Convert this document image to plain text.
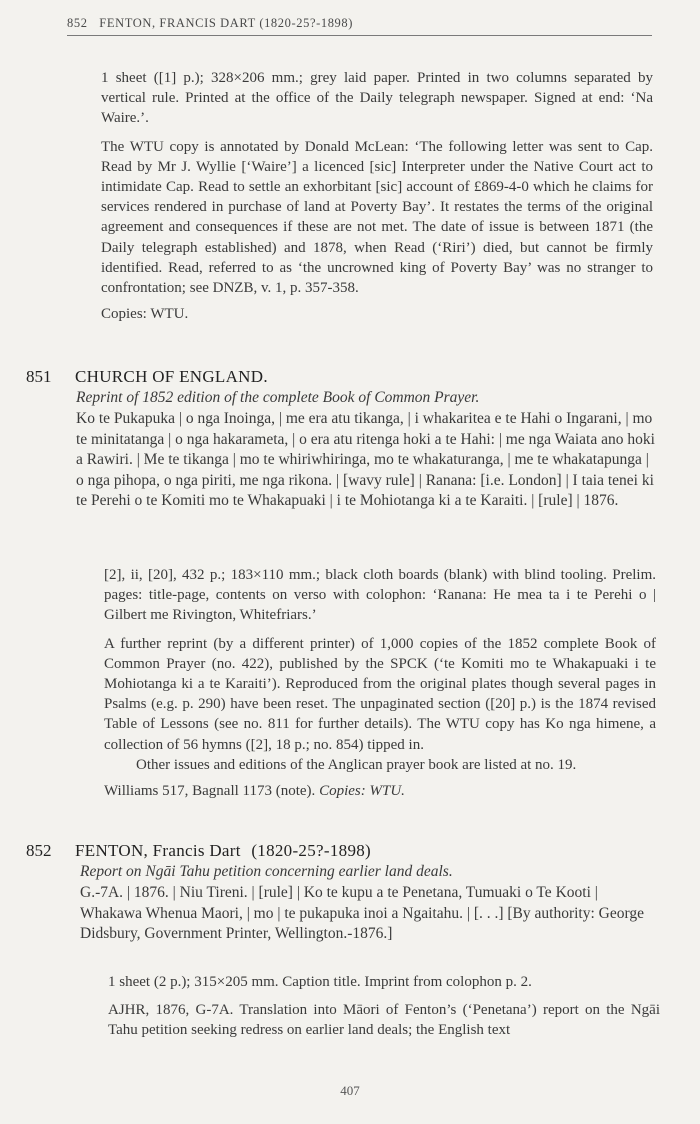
852 FENTON, FRANCIS DART (1820-25?-1898)

1 sheet ([1] p.); 328×206 mm.; grey laid paper. Printed in two columns separated by vertical rule. Printed at the office of the Daily telegraph newspaper. Signed at end: ‘Na Waire.’.

The WTU copy is annotated by Donald McLean: ‘The following letter was sent to Cap. Read by Mr J. Wyllie [‘Waire’] a licenced [sic] Interpreter under the Native Court act to intimidate Cap. Read to settle an exhorbitant [sic] account of £869-4-0 which he claims for services rendered in purchase of land at Poverty Bay’. It restates the terms of the original agreement and consequences if these are not met. The date of issue is between 1871 (the Daily telegraph established) and 1878, when Read (‘Riri’) died, but cannot be firmly identified. Read, referred to as ‘the uncrowned king of Poverty Bay’ was no stranger to confrontation; see DNZB, v. 1, p. 357-358.

Copies: WTU.

851 CHURCH OF ENGLAND.
Reprint of 1852 edition of the complete Book of Common Prayer.
Ko te Pukapuka | o nga Inoinga, | me era atu tikanga, | i whakaritea e te Hahi o Ingarani, | mo te minitatanga | o nga hakarameta, | o era atu ritenga hoki a te Hahi: | me nga Waiata ano hoki a Rawiri. | Me te tikanga | mo te whiriwhiringa, mo te whakaturanga, | me te whakatapunga | o nga pihopa, o nga piriti, me nga rikona. | [wavy rule] | Ranana: [i.e. London] | I taia tenei ki te Perehi o te Komiti mo te Whakapuaki | i te Mohiotanga ki a te Karaiti. | [rule] | 1876.

[2], ii, [20], 432 p.; 183×110 mm.; black cloth boards (blank) with blind tooling. Prelim. pages: title-page, contents on verso with colophon: ‘Ranana: He mea ta i te Perehi o | Gilbert me Rivington, Whitefriars.’

A further reprint (by a different printer) of 1,000 copies of the 1852 complete Book of Common Prayer (no. 422), published by the SPCK (‘te Komiti mo te Whakapuaki i te Mohiotanga ki a te Karaiti’). Reproduced from the original plates though several pages in Psalms (e.g. p. 290) have been reset. The unpaginated section ([20] p.) is the 1874 revised Table of Lessons (see no. 811 for further details). The WTU copy has Ko nga himene, a collection of 56 hymns ([2], 18 p.; no. 854) tipped in.

Other issues and editions of the Anglican prayer book are listed at no. 19.

Williams 517, Bagnall 1173 (note). Copies: WTU.

852 FENTON, Francis Dart (1820-25?-1898)
Report on Ngāi Tahu petition concerning earlier land deals.
G.-7A. | 1876. | Niu Tireni. | [rule] | Ko te kupu a te Penetana, Tumuaki o Te Kooti | Whakawa Whenua Maori, | mo | te pukapuka inoi a Ngaitahu. | [. . .] [By authority: George Didsbury, Government Printer, Wellington.-1876.]

1 sheet (2 p.); 315×205 mm. Caption title. Imprint from colophon p. 2.

AJHR, 1876, G-7A. Translation into Māori of Fenton’s (‘Penetana’) report on the Ngāi Tahu petition seeking redress on earlier land deals; the English text

407
